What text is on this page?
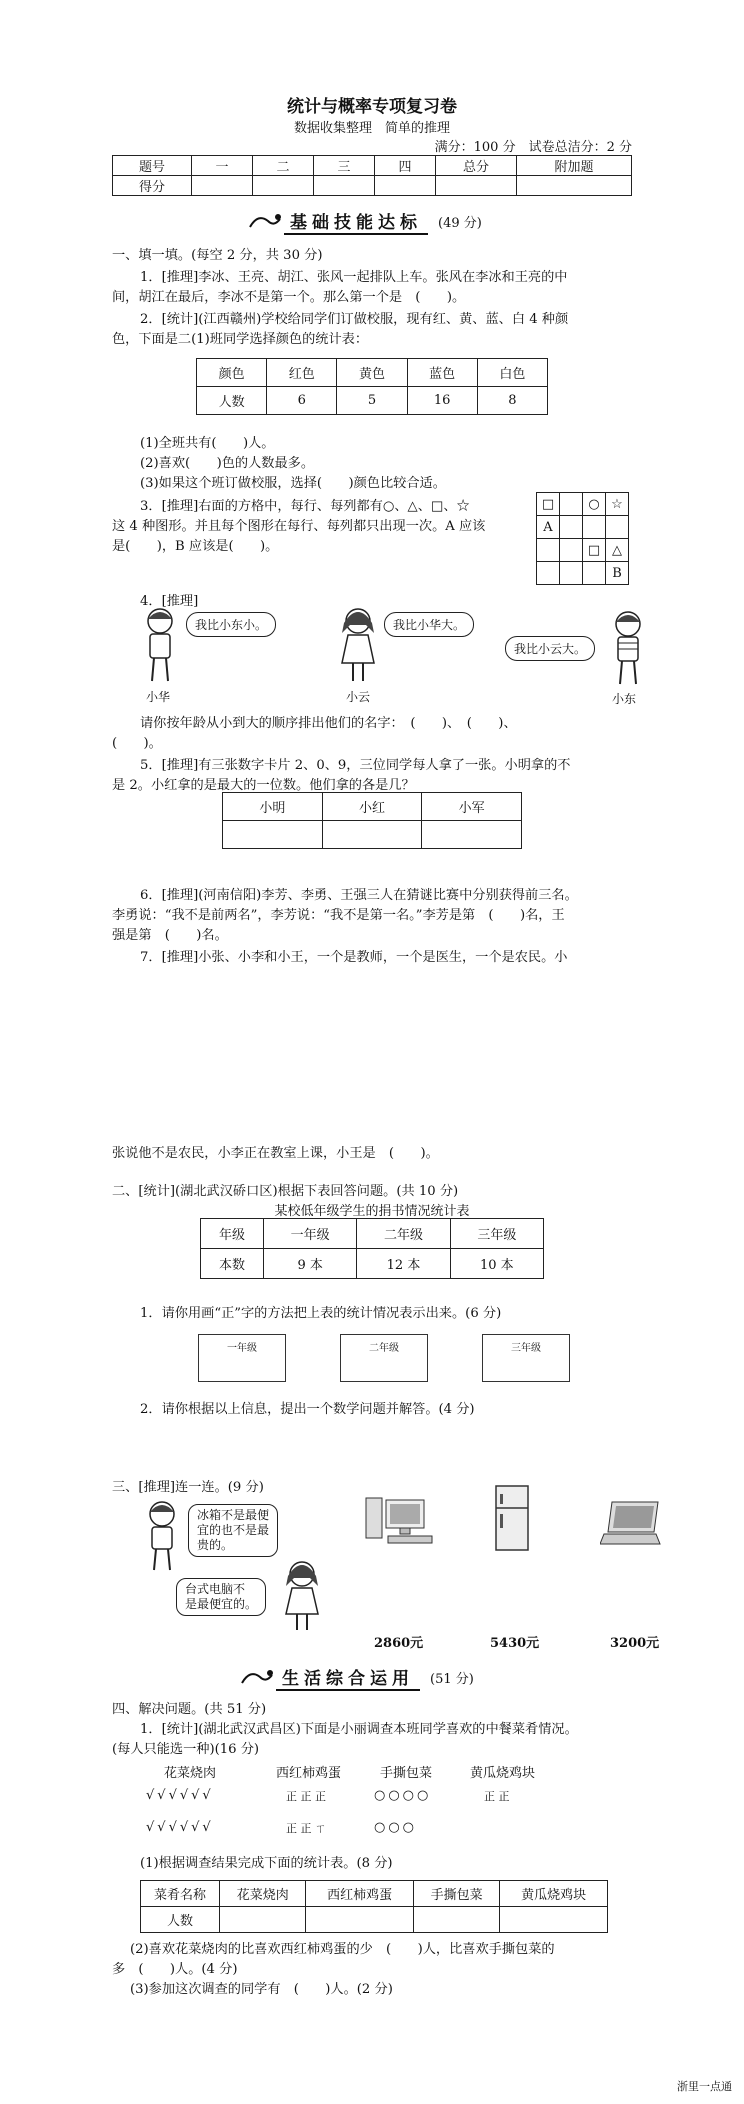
统计与概率专项复习卷
数据收集整理　简单的推理
满分：100 分　试卷总洁分：2 分
题号	一	二	三	四	总分	附加题
得分						
基础技能达标	(49 分)
一、填一填。(每空 2 分，共 30 分)
1．[推理]李冰、王亮、胡江、张风一起排队上车。张风在李冰和王亮的中
间，胡江在最后，李冰不是第一个。那么第一个是　(　　)。
2．[统计](江西赣州)学校给同学们订做校服，现有红、黄、蓝、白 4 种颜
色，下面是二(1)班同学选择颜色的统计表：
颜色	红色	黄色	蓝色	白色
人数	6	5	16	8
(1)全班共有(　　)人。
(2)喜欢(　　)色的人数最多。
(3)如果这个班订做校服，选择(　　)颜色比较合适。
3．[推理]右面的方格中，每行、每列都有○、△、□、☆
这 4 种图形。并且每个图形在每行、每列都只出现一次。A 应该
是(　　)，B 应该是(　　)。
□		○	☆
A			
		□	△
			B
4．[推理]
我比小东小。
小华
我比小华大。
小云
我比小云大。
小东
请你按年龄从小到大的顺序排出他们的名字：　(　　)、　(　　)、
(　　)。
5．[推理]有三张数字卡片 2、0、9，三位同学每人拿了一张。小明拿的不
是 2。小红拿的是最大的一位数。他们拿的各是几？
小明	小红	小军

6．[推理](河南信阳)李芳、李勇、王强三人在猜谜比赛中分别获得前三名。
李勇说：“我不是前两名”，李芳说：“我不是第一名。”李芳是第　(　　)名，王
强是第　(　　)名。
7．[推理]小张、小李和小王，一个是教师，一个是医生，一个是农民。小
张说他不是农民，小李正在教室上课，小王是　(　　)。
二、[统计](湖北武汉硚口区)根据下表回答问题。(共 10 分)
某校低年级学生的捐书情况统计表
年级	一年级	二年级	三年级
本数	9 本	12 本	10 本
1．请你用画“正”字的方法把上表的统计情况表示出来。(6 分)
一年级	二年级	三年级
2．请你根据以上信息，提出一个数学问题并解答。(4 分)
三、[推理]连一连。(9 分)
冰箱不是最便
宜的也不是最
贵的。
台式电脑不
是最便宜的。
2860元	5430元	3200元
生活综合运用	(51 分)
四、解决问题。(共 51 分)
1．[统计](湖北武汉武昌区)下面是小丽调查本班同学喜欢的中餐菜肴情况。
(每人只能选一种)(16 分)
花菜烧肉	西红柿鸡蛋	手撕包菜	黄瓜烧鸡块
√√√√√√	正 正 正	○○○○	正 正
√√√√√√	正 正 ㄒ	○○○
(1)根据调查结果完成下面的统计表。(8 分)
菜肴名称	花菜烧肉	西红柿鸡蛋	手撕包菜	黄瓜烧鸡块
人数				
(2)喜欢花菜烧肉的比喜欢西红柿鸡蛋的少　(　　)人，比喜欢手撕包菜的
多　(　　)人。(4 分)
(3)参加这次调查的同学有　(　　)人。(2 分)
浙里一点通
